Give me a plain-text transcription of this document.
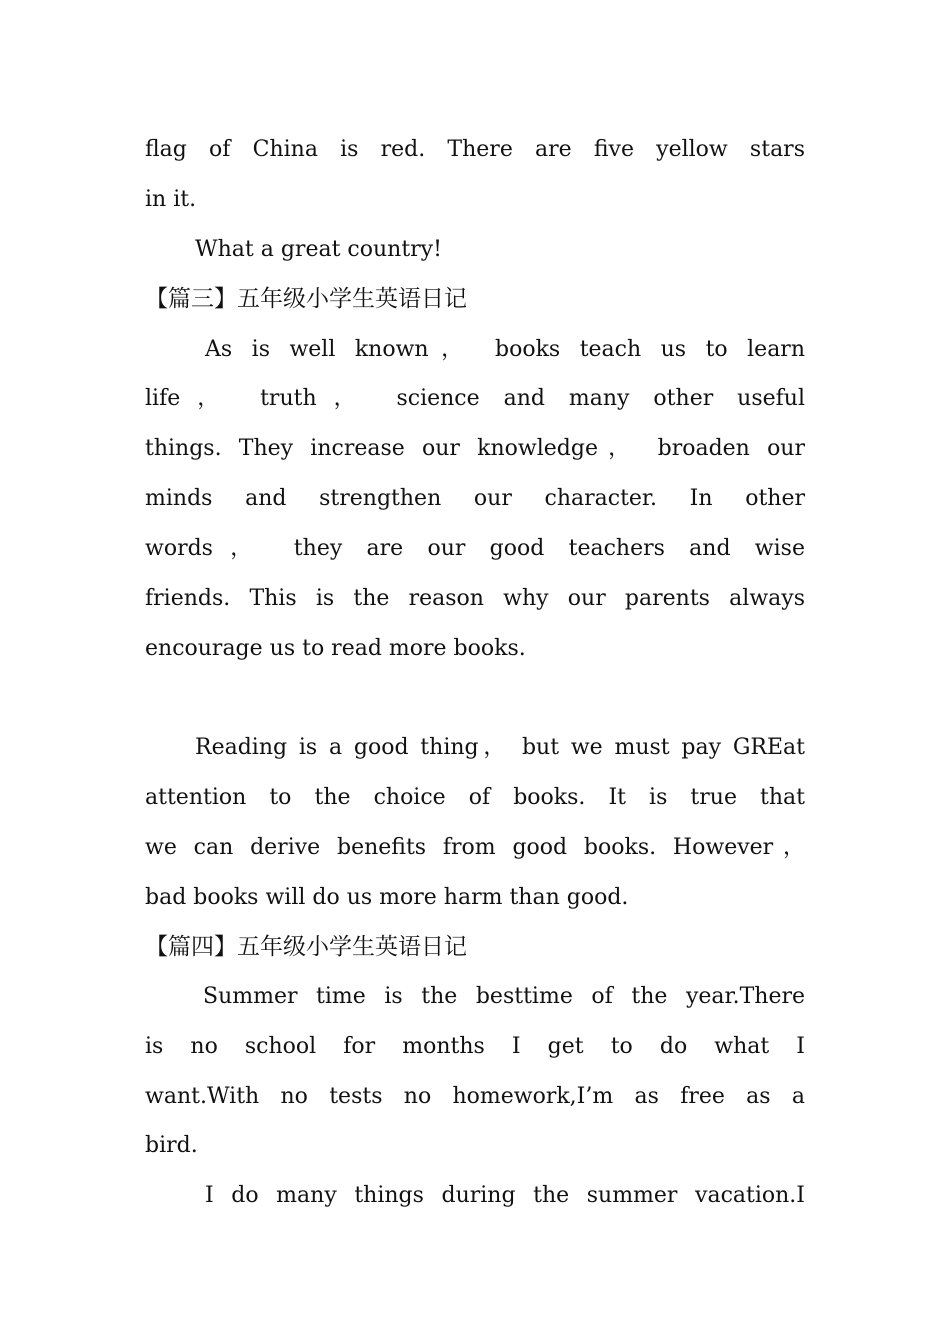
flag of China is red. There are five yellow stars
in it.
What a great country!
【篇三】五年级小学生英语日记
As is well known， books teach us to learn
life， truth， science and many other useful
things. They increase our knowledge， broaden our
minds and strengthen our character. In other
words， they are our good teachers and wise
friends. This is the reason why our parents always
encourage us to read more books.
Reading is a good thing， but we must pay GREat
attention to the choice of books. It is true that
we can derive benefits from good books. However，
bad books will do us more harm than good.
【篇四】五年级小学生英语日记
Summer time is the besttime of the year.There
is no school for months I get to do what I
want.With no tests no homework,I’m as free as a
bird.
I do many things during the summer vacation.I
